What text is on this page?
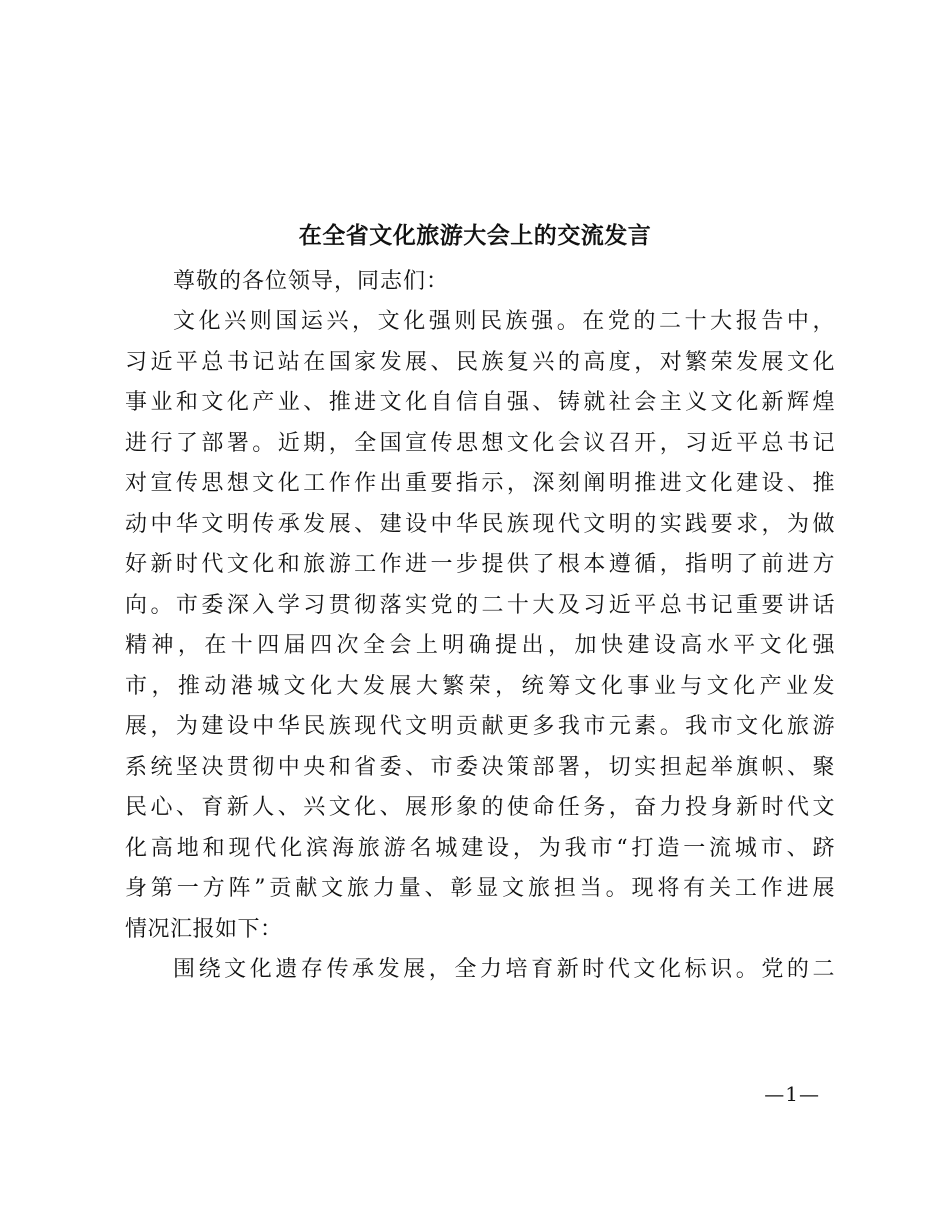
在全省文化旅游大会上的交流发言

尊敬的各位领导，同志们：

文化兴则国运兴，文化强则民族强。在党的二十大报告中，
习近平总书记站在国家发展、民族复兴的高度，对繁荣发展文化
事业和文化产业、推进文化自信自强、铸就社会主义文化新辉煌
进行了部署。近期，全国宣传思想文化会议召开，习近平总书记
对宣传思想文化工作作出重要指示，深刻阐明推进文化建设、推
动中华文明传承发展、建设中华民族现代文明的实践要求，为做
好新时代文化和旅游工作进一步提供了根本遵循，指明了前进方
向。市委深入学习贯彻落实党的二十大及习近平总书记重要讲话
精神，在十四届四次全会上明确提出，加快建设高水平文化强
市，推动港城文化大发展大繁荣，统筹文化事业与文化产业发
展，为建设中华民族现代文明贡献更多我市元素。我市文化旅游
系统坚决贯彻中央和省委、市委决策部署，切实担起举旗帜、聚
民心、育新人、兴文化、展形象的使命任务，奋力投身新时代文
化高地和现代化滨海旅游名城建设，为我市“打造一流城市、跻
身第一方阵”贡献文旅力量、彰显文旅担当。现将有关工作进展
情况汇报如下：
围绕文化遗存传承发展，全力培育新时代文化标识。党的二
—1—
